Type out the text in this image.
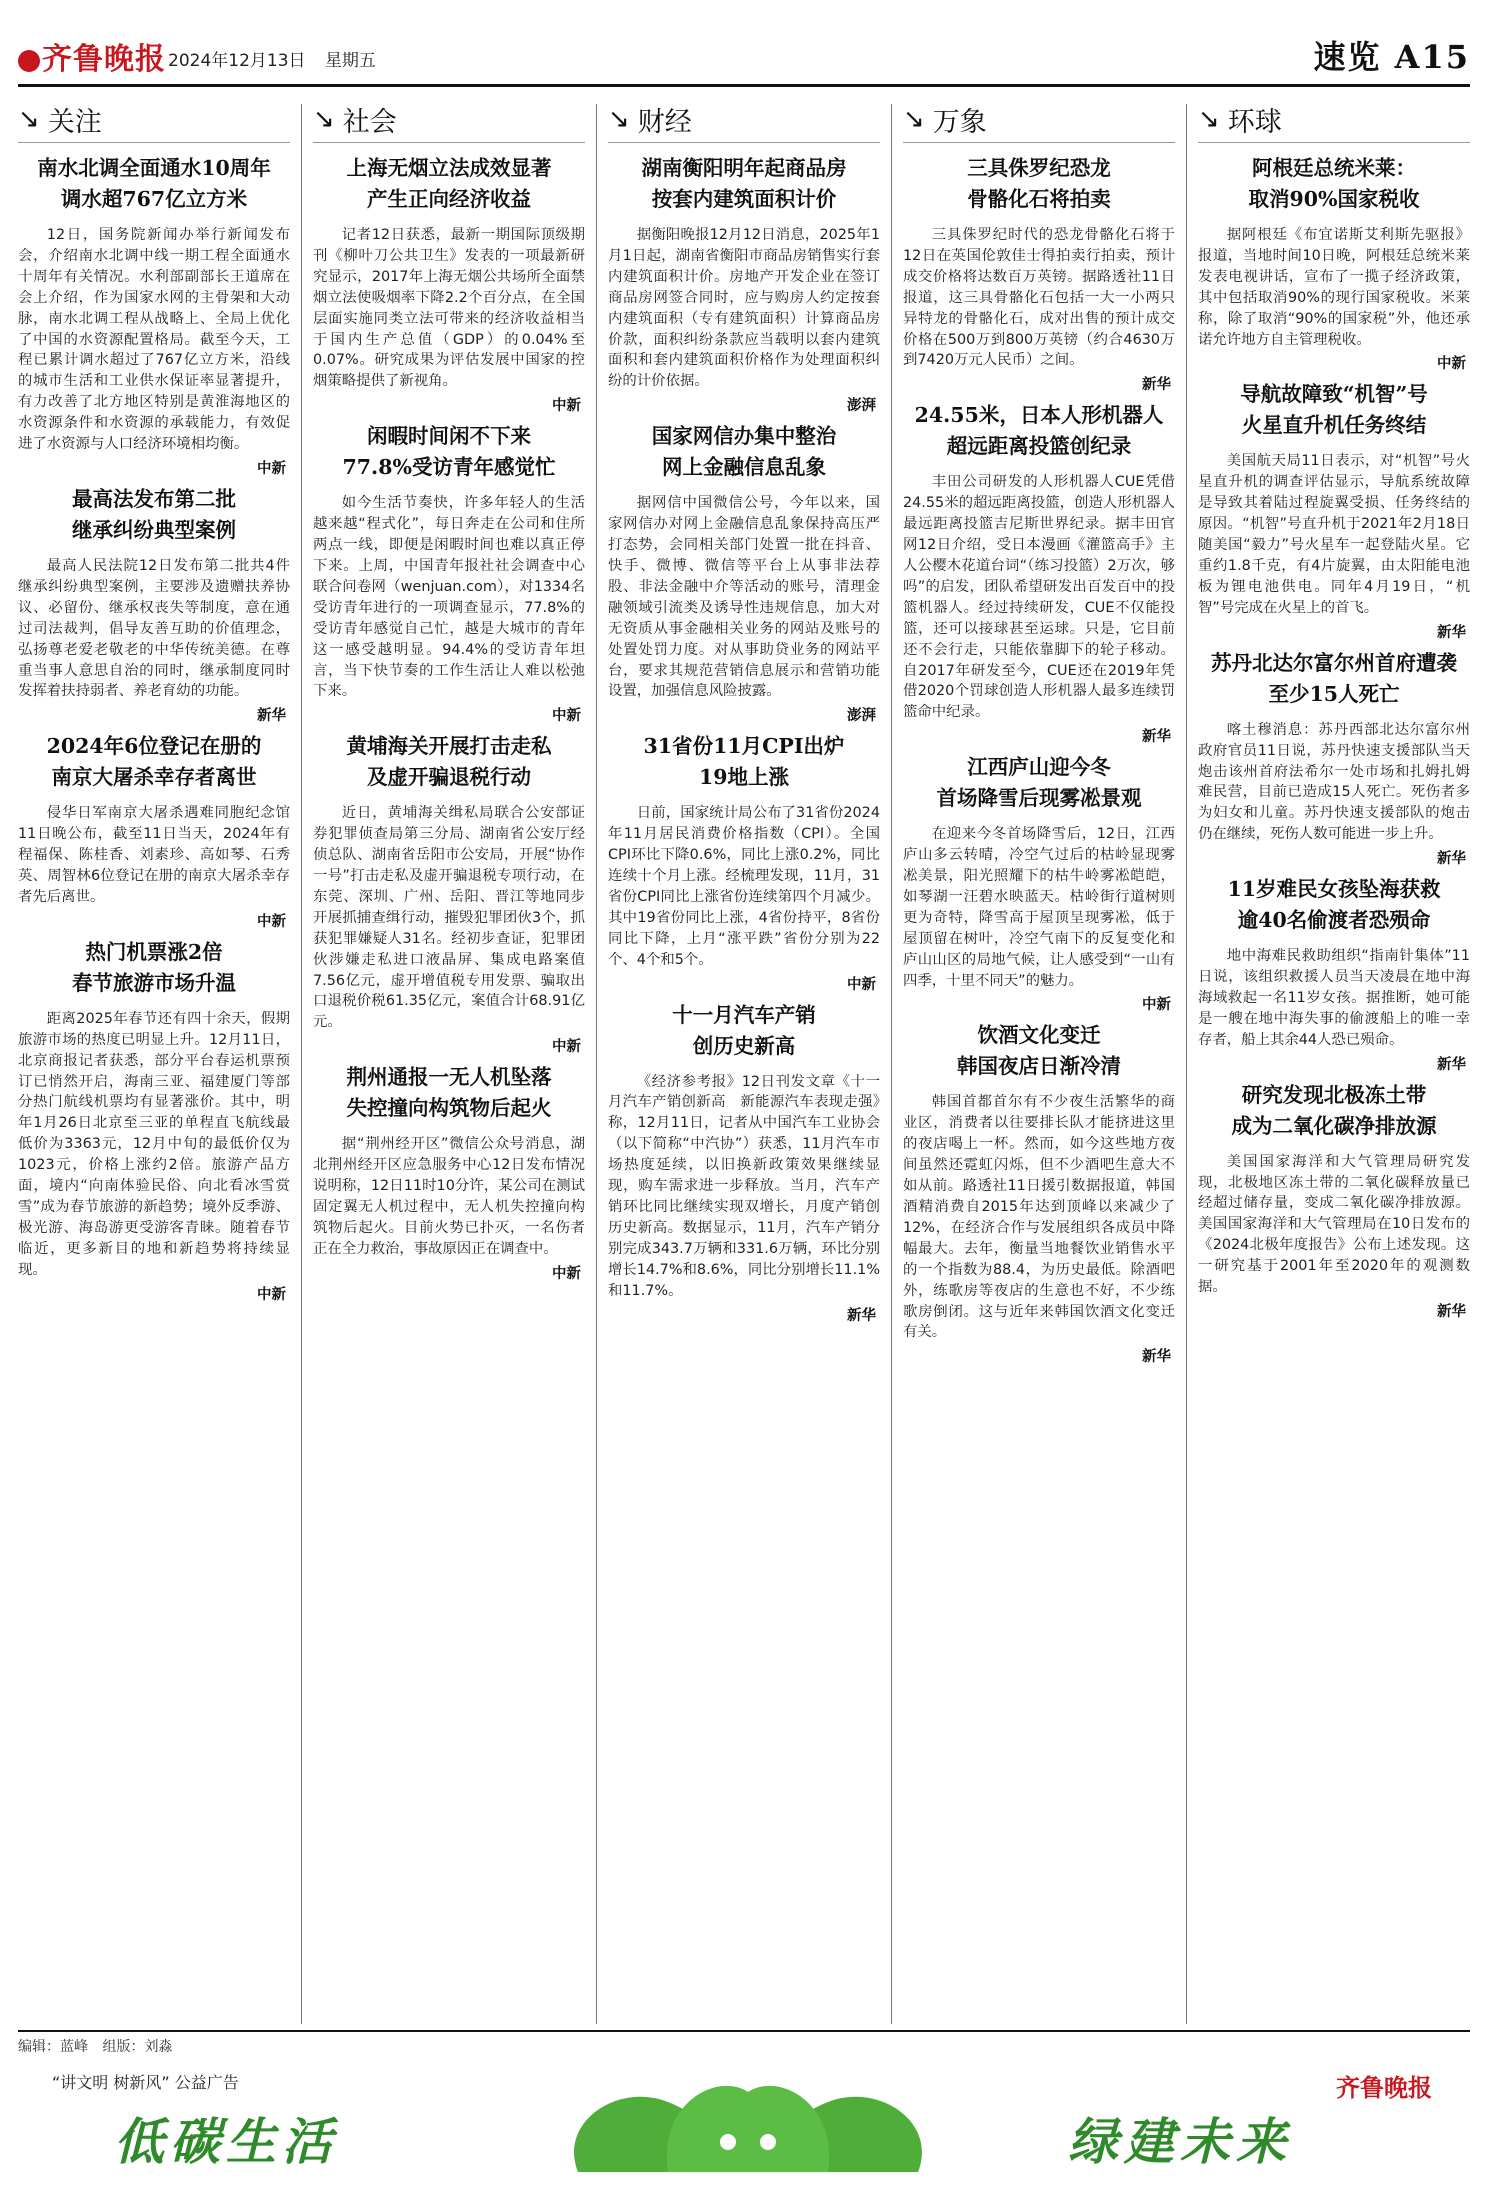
齐鲁晚报 2024年12月13日 星期五	速览 A15
↘ 关注
南水北调全面通水10周年
调水超767亿立方米

12日，国务院新闻办举行新闻发布会，介绍南水北调中线一期工程全面通水十周年有关情况。水利部副部长王道席在会上介绍，作为国家水网的主骨架和大动脉，南水北调工程从战略上、全局上优化了中国的水资源配置格局。截至今天，工程已累计调水超过了767亿立方米，沿线的城市生活和工业供水保证率显著提升，有力改善了北方地区特别是黄淮海地区的水资源条件和水资源的承载能力，有效促进了水资源与人口经济环境相均衡。

中新
最高法发布第二批
继承纠纷典型案例

最高人民法院12日发布第二批共4件继承纠纷典型案例，主要涉及遗赠扶养协议、必留份、继承权丧失等制度，意在通过司法裁判，倡导友善互助的价值理念，弘扬尊老爱老敬老的中华传统美德。在尊重当事人意思自治的同时，继承制度同时发挥着扶持弱者、养老育幼的功能。

新华
2024年6位登记在册的
南京大屠杀幸存者离世

侵华日军南京大屠杀遇难同胞纪念馆11日晚公布，截至11日当天，2024年有程福保、陈桂香、刘素珍、高如琴、石秀英、周智林6位登记在册的南京大屠杀幸存者先后离世。

中新
热门机票涨2倍
春节旅游市场升温

距离2025年春节还有四十余天，假期旅游市场的热度已明显上升。12月11日，北京商报记者获悉，部分平台春运机票预订已悄然开启，海南三亚、福建厦门等部分热门航线机票均有显著涨价。其中，明年1月26日北京至三亚的单程直飞航线最低价为3363元，12月中旬的最低价仅为1023元，价格上涨约2倍。旅游产品方面，境内“向南体验民俗、向北看冰雪赏雪”成为春节旅游的新趋势；境外反季游、极光游、海岛游更受游客青睐。随着春节临近，更多新目的地和新趋势将持续显现。

中新
↘ 社会
上海无烟立法成效显著
产生正向经济收益

记者12日获悉，最新一期国际顶级期刊《柳叶刀公共卫生》发表的一项最新研究显示，2017年上海无烟公共场所全面禁烟立法使吸烟率下降2.2个百分点，在全国层面实施同类立法可带来的经济收益相当于国内生产总值（GDP）的0.04%至0.07%。研究成果为评估发展中国家的控烟策略提供了新视角。

中新
闲暇时间闲不下来
77.8%受访青年感觉忙

如今生活节奏快，许多年轻人的生活越来越“程式化”，每日奔走在公司和住所两点一线，即便是闲暇时间也难以真正停下来。上周，中国青年报社社会调查中心联合问卷网（wenjuan.com），对1334名受访青年进行的一项调查显示，77.8%的受访青年感觉自己忙，越是大城市的青年这一感受越明显。94.4%的受访青年坦言，当下快节奏的工作生活让人难以松弛下来。

中新
黄埔海关开展打击走私
及虚开骗退税行动

近日，黄埔海关缉私局联合公安部证券犯罪侦查局第三分局、湖南省公安厅经侦总队、湖南省岳阳市公安局，开展“协作一号”打击走私及虚开骗退税专项行动，在东莞、深圳、广州、岳阳、晋江等地同步开展抓捕查缉行动，摧毁犯罪团伙3个，抓获犯罪嫌疑人31名。经初步查证，犯罪团伙涉嫌走私进口液晶屏、集成电路案值7.56亿元，虚开增值税专用发票、骗取出口退税价税61.35亿元，案值合计68.91亿元。

中新
荆州通报一无人机坠落
失控撞向构筑物后起火

据“荆州经开区”微信公众号消息，湖北荆州经开区应急服务中心12日发布情况说明称，12日11时10分许，某公司在测试固定翼无人机过程中，无人机失控撞向构筑物后起火。目前火势已扑灭，一名伤者正在全力救治，事故原因正在调查中。

中新
↘ 财经
湖南衡阳明年起商品房
按套内建筑面积计价

据衡阳晚报12月12日消息，2025年1月1日起，湖南省衡阳市商品房销售实行套内建筑面积计价。房地产开发企业在签订商品房网签合同时，应与购房人约定按套内建筑面积（专有建筑面积）计算商品房价款，面积纠纷条款应当载明以套内建筑面积和套内建筑面积价格作为处理面积纠纷的计价依据。

澎湃
国家网信办集中整治
网上金融信息乱象

据网信中国微信公号，今年以来，国家网信办对网上金融信息乱象保持高压严打态势，会同相关部门处置一批在抖音、快手、微博、微信等平台上从事非法荐股、非法金融中介等活动的账号，清理金融领域引流类及诱导性违规信息，加大对无资质从事金融相关业务的网站及账号的处置处罚力度。对从事助贷业务的网站平台，要求其规范营销信息展示和营销功能设置，加强信息风险披露。

澎湃
31省份11月CPI出炉
19地上涨

日前，国家统计局公布了31省份2024年11月居民消费价格指数（CPI）。全国CPI环比下降0.6%，同比上涨0.2%，同比连续十个月上涨。经梳理发现，11月，31省份CPI同比上涨省份连续第四个月减少。其中19省份同比上涨，4省份持平，8省份同比下降，上月“涨平跌”省份分别为22个、4个和5个。

中新
十一月汽车产销
创历史新高

《经济参考报》12日刊发文章《十一月汽车产销创新高　新能源汽车表现走强》称，12月11日，记者从中国汽车工业协会（以下简称“中汽协”）获悉，11月汽车市场热度延续，以旧换新政策效果继续显现，购车需求进一步释放。当月，汽车产销环比同比继续实现双增长，月度产销创历史新高。数据显示，11月，汽车产销分别完成343.7万辆和331.6万辆，环比分别增长14.7%和8.6%，同比分别增长11.1%和11.7%。

新华
↘ 万象
三具侏罗纪恐龙
骨骼化石将拍卖

三具侏罗纪时代的恐龙骨骼化石将于12日在英国伦敦佳士得拍卖行拍卖，预计成交价格将达数百万英镑。据路透社11日报道，这三具骨骼化石包括一大一小两只异特龙的骨骼化石，成对出售的预计成交价格在500万到800万英镑（约合4630万到7420万元人民币）之间。

新华
24.55米，日本人形机器人
超远距离投篮创纪录

丰田公司研发的人形机器人CUE凭借24.55米的超远距离投篮，创造人形机器人最远距离投篮吉尼斯世界纪录。据丰田官网12日介绍，受日本漫画《灌篮高手》主人公樱木花道台词“（练习投篮）2万次，够吗”的启发，团队希望研发出百发百中的投篮机器人。经过持续研发，CUE不仅能投篮，还可以接球甚至运球。只是，它目前还不会行走，只能依靠脚下的轮子移动。自2017年研发至今，CUE还在2019年凭借2020个罚球创造人形机器人最多连续罚篮命中纪录。

新华
江西庐山迎今冬
首场降雪后现雾凇景观

在迎来今冬首场降雪后，12日，江西庐山多云转晴，冷空气过后的枯岭显现雾凇美景，阳光照耀下的枯牛岭雾凇皑皑，如琴湖一汪碧水映蓝天。枯岭街行道树则更为奇特，降雪高于屋顶呈现雾凇，低于屋顶留在树叶，冷空气南下的反复变化和庐山山区的局地气候，让人感受到“一山有四季，十里不同天”的魅力。

中新
饮酒文化变迁
韩国夜店日渐冷清

韩国首都首尔有不少夜生活繁华的商业区，消费者以往要排长队才能挤进这里的夜店喝上一杯。然而，如今这些地方夜间虽然还霓虹闪烁，但不少酒吧生意大不如从前。路透社11日援引数据报道，韩国酒精消费自2015年达到顶峰以来减少了12%，在经济合作与发展组织各成员中降幅最大。去年，衡量当地餐饮业销售水平的一个指数为88.4，为历史最低。除酒吧外，练歌房等夜店的生意也不好，不少练歌房倒闭。这与近年来韩国饮酒文化变迁有关。

新华
↘ 环球
阿根廷总统米莱：
取消90%国家税收

据阿根廷《布宜诺斯艾利斯先驱报》报道，当地时间10日晚，阿根廷总统米莱发表电视讲话，宣布了一揽子经济政策，其中包括取消90%的现行国家税收。米莱称，除了取消“90%的国家税”外，他还承诺允许地方自主管理税收。

中新
导航故障致“机智”号
火星直升机任务终结

美国航天局11日表示，对“机智”号火星直升机的调查评估显示，导航系统故障是导致其着陆过程旋翼受损、任务终结的原因。“机智”号直升机于2021年2月18日随美国“毅力”号火星车一起登陆火星。它重约1.8千克，有4片旋翼，由太阳能电池板为锂电池供电。同年4月19日，“机智”号完成在火星上的首飞。

新华
苏丹北达尔富尔州首府遭袭
至少15人死亡

喀土穆消息：苏丹西部北达尔富尔州政府官员11日说，苏丹快速支援部队当天炮击该州首府法希尔一处市场和扎姆扎姆难民营，目前已造成15人死亡。死伤者多为妇女和儿童。苏丹快速支援部队的炮击仍在继续，死伤人数可能进一步上升。

新华
11岁难民女孩坠海获救
逾40名偷渡者恐殒命

地中海难民救助组织“指南针集体”11日说，该组织救援人员当天凌晨在地中海海域救起一名11岁女孩。据推断，她可能是一艘在地中海失事的偷渡船上的唯一幸存者，船上其余44人恐已殒命。

新华
研究发现北极冻土带
成为二氧化碳净排放源

美国国家海洋和大气管理局研究发现，北极地区冻土带的二氧化碳释放量已经超过储存量，变成二氧化碳净排放源。美国国家海洋和大气管理局在10日发布的《2024北极年度报告》公布上述发现。这一研究基于2001年至2020年的观测数据。

新华
编辑：蓝峰 组版：刘淼
“讲文明 树新风” 公益广告	齐鲁晚报
低碳生活	绿建未来
